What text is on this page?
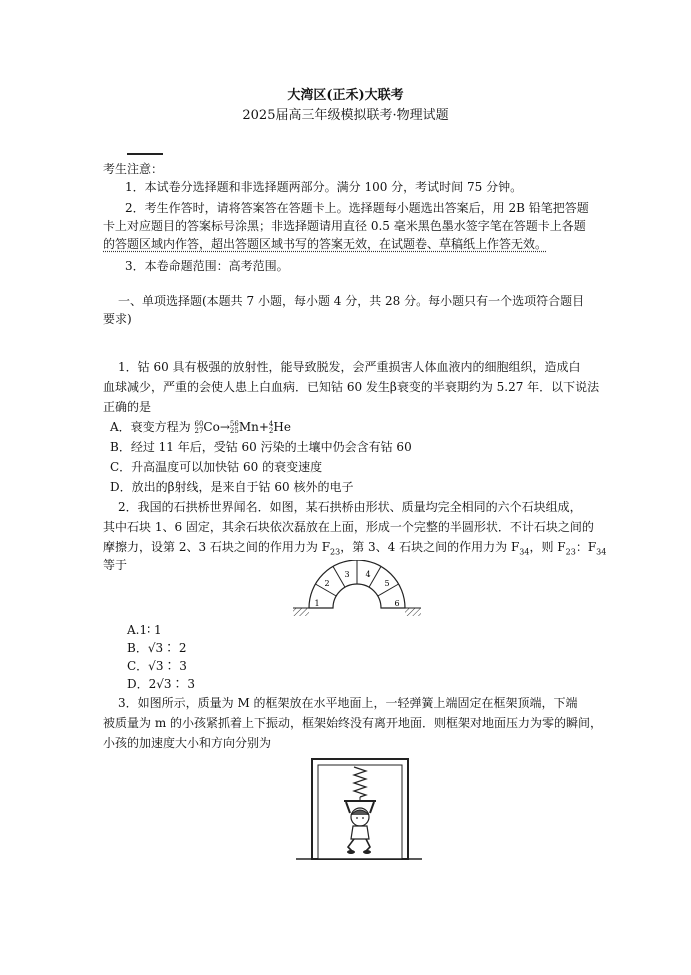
大湾区(正禾)大联考
2025届高三年级模拟联考·物理试题
考生注意：
1．本试卷分选择题和非选择题两部分。满分 100 分，考试时间 75 分钟。
2．考生作答时，请将答案答在答题卡上。选择题每小题选出答案后，用 2B 铅笔把答题
卡上对应题目的答案标号涂黑；非选择题请用直径 0.5 毫米黑色墨水签字笔在答题卡上各题
的答题区域内作答，超出答题区域书写的答案无效，在试题卷、草稿纸上作答无效。
3．本卷命题范围：高考范围。
一、单项选择题(本题共 7 小题，每小题 4 分，共 28 分。每小题只有一个选项符合题目
要求)
1．钴 60 具有极强的放射性，能导致脱发，会严重损害人体血液内的细胞组织，造成白
血球减少，严重的会使人患上白血病．已知钴 60 发生β衰变的半衰期约为 5.27 年．以下说法
正确的是
A．衰变方程为 60
27Co→56
25Mn+4
2He
B．经过 11 年后，受钴 60 污染的土壤中仍会含有钴 60
C．升高温度可以加快钴 60 的衰变速度
D．放出的β射线，是来自于钴 60 核外的电子
2．我国的石拱桥世界闻名．如图，某石拱桥由形状、质量均完全相同的六个石块组成，
其中石块 1、6 固定，其余石块依次磊放在上面，形成一个完整的半圆形状．不计石块之间的
摩擦力，设第 2、3 石块之间的作用力为 $F_{23}$，第 3、4 石块之间的作用力为 $F_{34}$，则 $F_{23}$：$F_{34}$
等于
1
2
3 4
5
6
A.1∶ 1
B．√3∶ 2
C．√3∶ 3
D．2√3∶ 3
3．如图所示，质量为 M 的框架放在水平地面上，一轻弹簧上端固定在框架顶端，下端
被质量为 m 的小孩紧抓着上下振动，框架始终没有离开地面．则框架对地面压力为零的瞬间，
小孩的加速度大小和方向分别为
